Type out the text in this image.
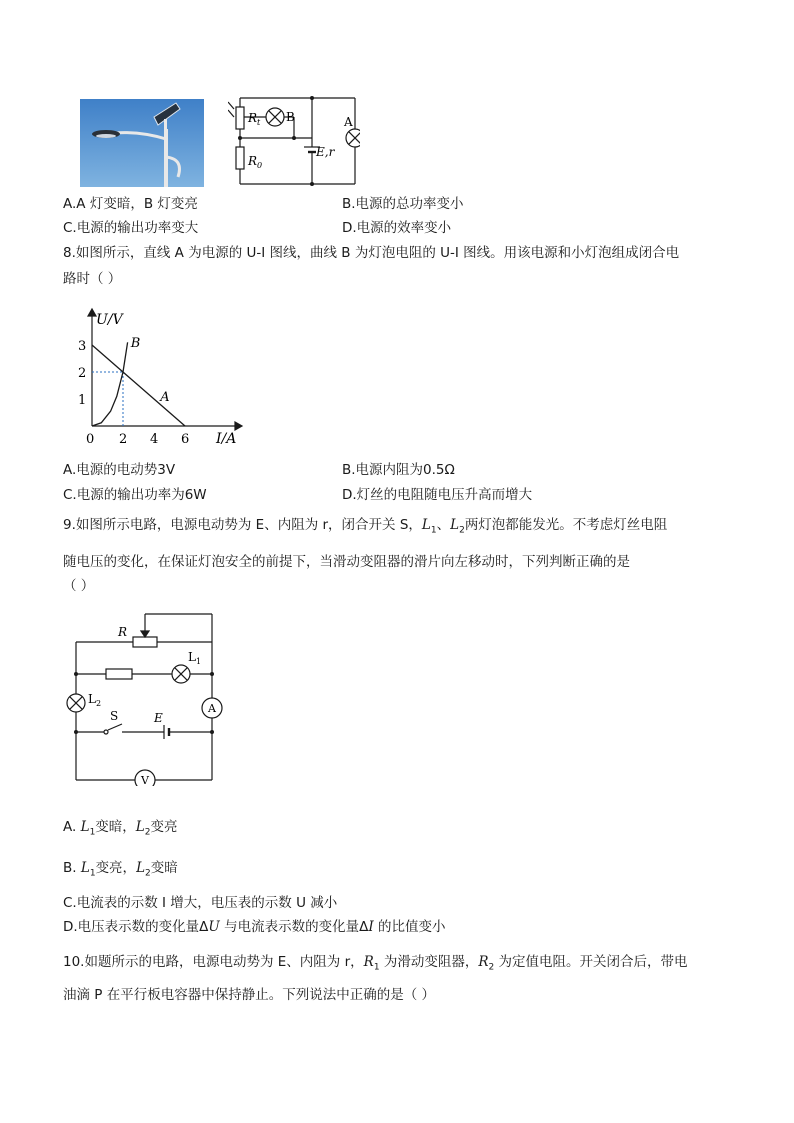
$R_t$
$R_0$
B	A
E,r
A.A 灯变暗，B 灯变亮	B.电源的总功率变小
C.电源的输出功率变大	D.电源的效率变小
8.如图所示，直线 A 为电源的 U-I 图线，曲线 B 为灯泡电阻的 U-I 图线。用该电源和小灯泡组成闭合电
路时（ ）
A
B
0 2 4 6
1
2
3
U/V
I/A
A.电源的电动势3V	B.电源内阻为0.5Ω
C.电源的输出功率为6W	D.灯丝的电阻随电压升高而增大
9.如图所示电路，电源电动势为 E、内阻为 r，闭合开关 S，$L_1$、$L_2$两灯泡都能发光。不考虑灯丝电阻
随电压的变化，在保证灯泡安全的前提下，当滑动变阻器的滑片向左移动时，下列判断正确的是
（ ）
R
$L_1$
$L_2$
S	E
A
V
A. $L_1$变暗，$L_2$变亮
B. $L_1$变亮，$L_2$变暗
C.电流表的示数 I 增大，电压表的示数 U 减小
D.电压表示数的变化量ΔU 与电流表示数的变化量ΔI 的比值变小
10.如题所示的电路，电源电动势为 E、内阻为 r，$R_1$ 为滑动变阻器，$R_2$ 为定值电阻。开关闭合后，带电
油滴 P 在平行板电容器中保持静止。下列说法中正确的是（ ）
